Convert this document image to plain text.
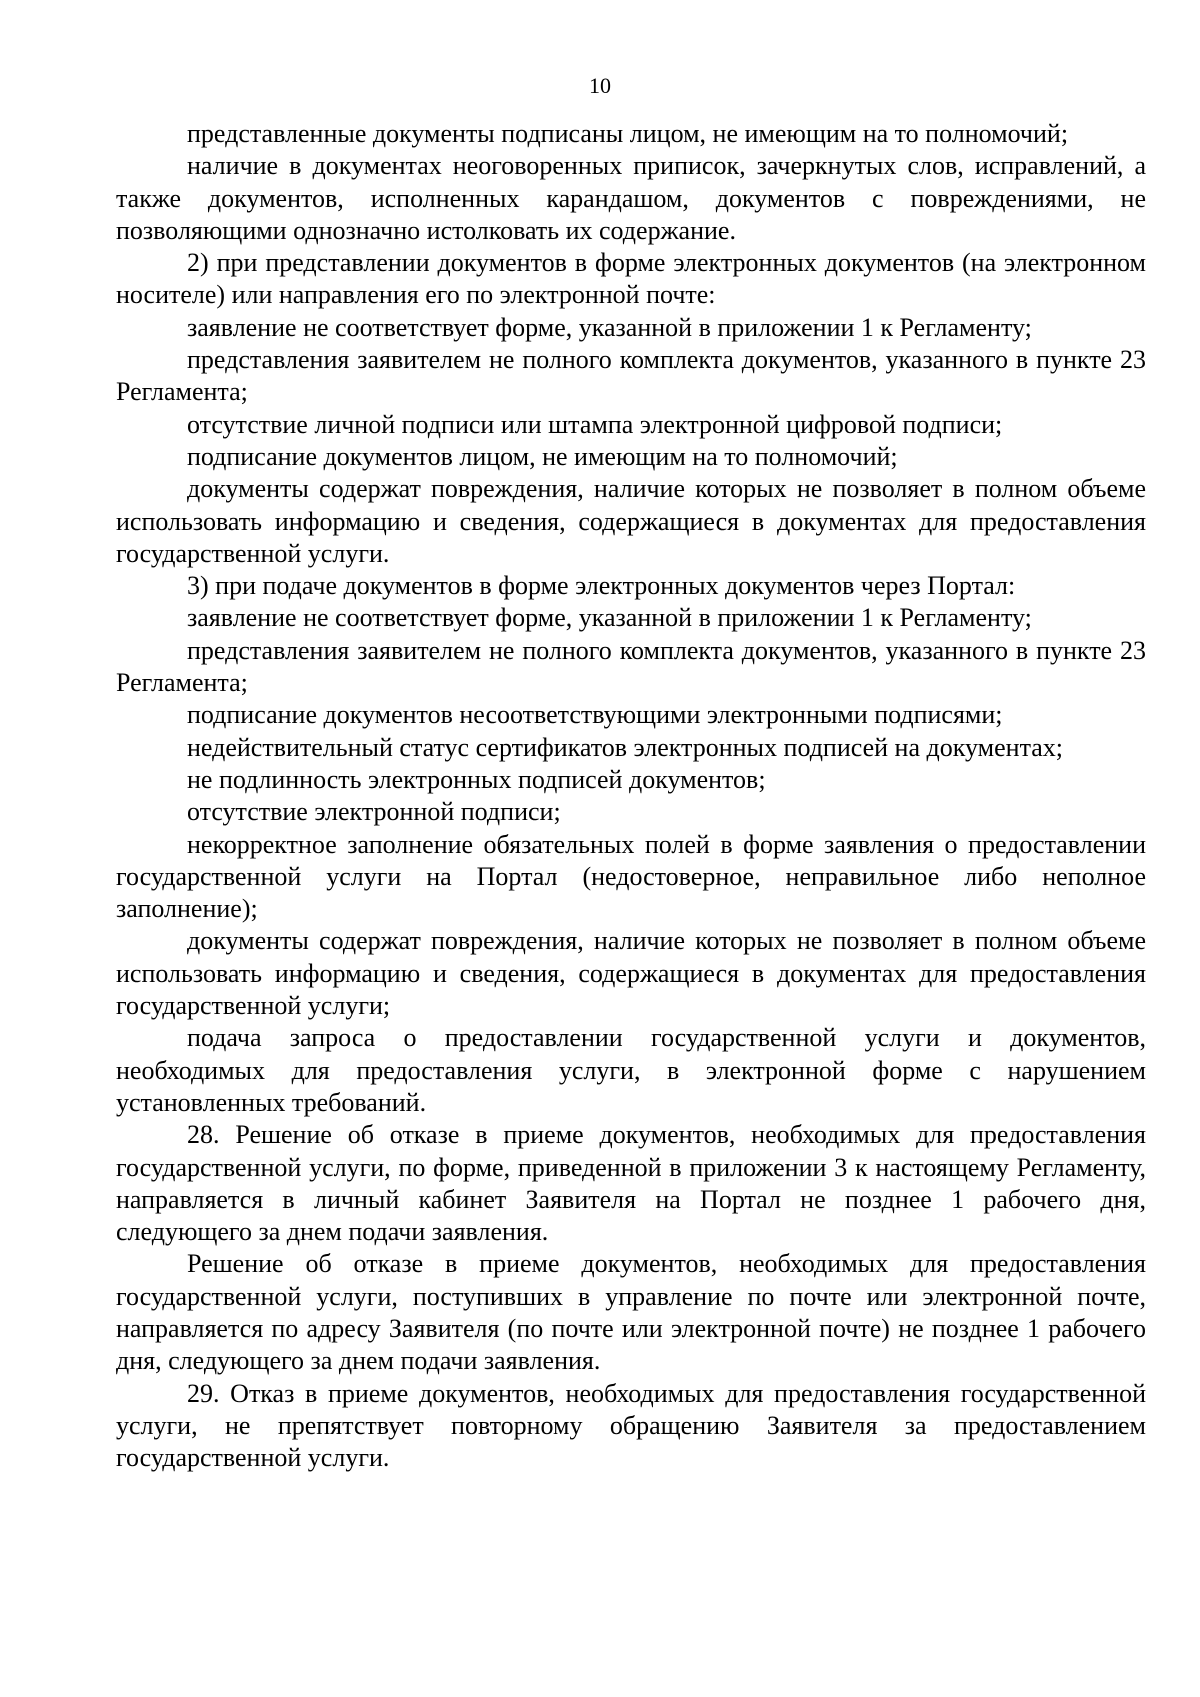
10

представленные документы подписаны лицом, не имеющим на то полномочий;

наличие в документах неоговоренных приписок, зачеркнутых слов, исправлений, а также документов, исполненных карандашом, документов с повреждениями, не позволяющими однозначно истолковать их содержание.

2) при представлении документов в форме электронных документов (на электронном носителе) или направления его по электронной почте:

заявление не соответствует форме, указанной в приложении 1 к Регламенту;

представления заявителем не полного комплекта документов, указанного в пункте 23 Регламента;

отсутствие личной подписи или штампа электронной цифровой подписи;

подписание документов лицом, не имеющим на то полномочий;

документы содержат повреждения, наличие которых не позволяет в полном объеме использовать информацию и сведения, содержащиеся в документах для предоставления государственной услуги.

3) при подаче документов в форме электронных документов через Портал:

заявление не соответствует форме, указанной в приложении 1 к Регламенту;

представления заявителем не полного комплекта документов, указанного в пункте 23 Регламента;

подписание документов несоответствующими электронными подписями;

недействительный статус сертификатов электронных подписей на документах;

не подлинность электронных подписей документов;

отсутствие электронной подписи;

некорректное заполнение обязательных полей в форме заявления о предоставлении государственной услуги на Портал (недостоверное, неправильное либо неполное заполнение);

документы содержат повреждения, наличие которых не позволяет в полном объеме использовать информацию и сведения, содержащиеся в документах для предоставления государственной услуги;

подача запроса о предоставлении государственной услуги и документов, необходимых для предоставления услуги, в электронной форме с нарушением установленных требований.

28. Решение об отказе в приеме документов, необходимых для предоставления государственной услуги, по форме, приведенной в приложении 3 к настоящему Регламенту, направляется в личный кабинет Заявителя на Портал не позднее 1 рабочего дня, следующего за днем подачи заявления.

Решение об отказе в приеме документов, необходимых для предоставления государственной услуги, поступивших в управление по почте или электронной почте, направляется по адресу Заявителя (по почте или электронной почте) не позднее 1 рабочего дня, следующего за днем подачи заявления.

29. Отказ в приеме документов, необходимых для предоставления государственной услуги, не препятствует повторному обращению Заявителя за предоставлением государственной услуги.
